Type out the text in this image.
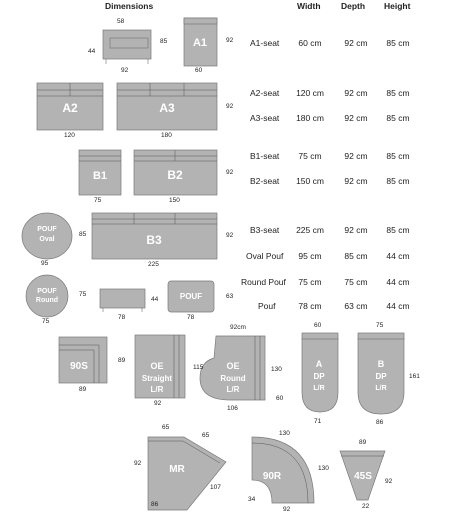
Dimensions	Width Depth Height
A1-seat	60 cm	92 cm	85 cm
A2-seat	120 cm	92 cm	85 cm
A3-seat	180 cm	92 cm	85 cm
B1-seat	75 cm	92 cm	85 cm
B2-seat	150 cm	92 cm	85 cm
B3-seat	225 cm	92 cm	85 cm
Oval Pouf	95 cm	85 cm	44 cm
Round Pouf	75 cm	75 cm	44 cm
Pouf	78 cm	63 cm	44 cm
A1
A2	A3
B1	B2
B3
POUF
Oval
POUF
Round	POUF
90S	OE
Straight
L/R
OE
Round
L/R
A
DP
L/R
B
DP
L/R
MR
90R	45S
58
92
44
85	92
60
120	180
92
75	150
92
95
85
225
92
75
75
78
44
78
63
89
89
115
92
92cm
106
130
60
60
71
75
86
161
65
65
92
107
86
130
130
92
34
89
92
22
